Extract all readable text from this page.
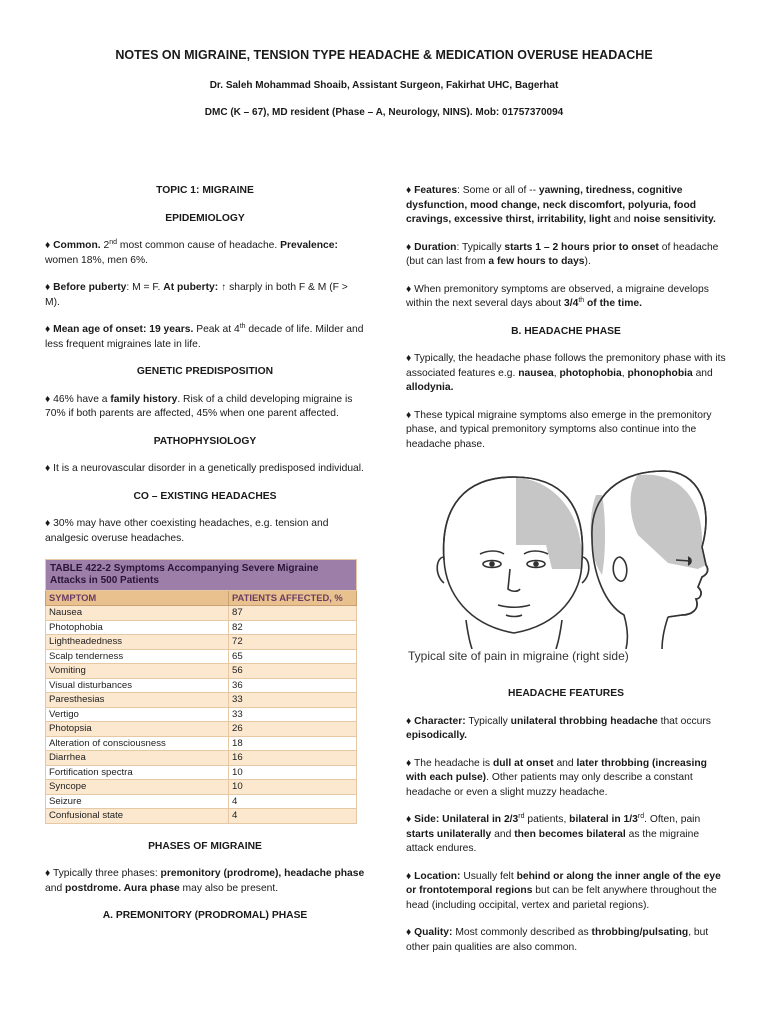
NOTES ON MIGRAINE, TENSION TYPE HEADACHE & MEDICATION OVERUSE HEADACHE
Dr. Saleh Mohammad Shoaib, Assistant Surgeon, Fakirhat UHC, Bagerhat
DMC (K – 67), MD resident (Phase – A, Neurology, NINS). Mob: 01757370094
TOPIC 1: MIGRAINE
EPIDEMIOLOGY
♦ Common. 2nd most common cause of headache. Prevalence: women 18%, men 6%.
♦ Before puberty: M = F. At puberty: ↑ sharply in both F & M (F > M).
♦ Mean age of onset: 19 years. Peak at 4th decade of life. Milder and less frequent migraines late in life.
GENETIC PREDISPOSITION
♦ 46% have a family history. Risk of a child developing migraine is 70% if both parents are affected, 45% when one parent affected.
PATHOPHYSIOLOGY
♦ It is a neurovascular disorder in a genetically predisposed individual.
CO – EXISTING HEADACHES
♦ 30% may have other coexisting headaches, e.g. tension and analgesic overuse headaches.
TABLE 422-2 Symptoms Accompanying Severe Migraine Attacks in 500 Patients	
SYMPTOM	PATIENTS AFFECTED, %
Nausea	87
Photophobia	82
Lightheadedness	72
Scalp tenderness	65
Vomiting	56
Visual disturbances	36
Paresthesias	33
Vertigo	33
Photopsia	26
Alteration of consciousness	18
Diarrhea	16
Fortification spectra	10
Syncope	10
Seizure	4
Confusional state	4
PHASES OF MIGRAINE
♦ Typically three phases: premonitory (prodrome), headache phase and postdrome. Aura phase may also be present.
A. PREMONITORY (PRODROMAL) PHASE
♦ Features: Some or all of -- yawning, tiredness, cognitive dysfunction, mood change, neck discomfort, polyuria, food cravings, excessive thirst, irritability, light and noise sensitivity.
♦ Duration: Typically starts 1 – 2 hours prior to onset of headache (but can last from a few hours to days).
♦ When premonitory symptoms are observed, a migraine develops within the next several days about 3/4th of the time.
B. HEADACHE PHASE
♦ Typically, the headache phase follows the premonitory phase with its associated features e.g. nausea, photophobia, phonophobia and allodynia.
♦ These typical migraine symptoms also emerge in the premonitory phase, and typical premonitory symptoms also continue into the headache phase.
Typical site of pain in migraine (right side)
HEADACHE FEATURES
♦ Character: Typically unilateral throbbing headache that occurs episodically.
♦ The headache is dull at onset and later throbbing (increasing with each pulse). Other patients may only describe a constant headache or even a slight muzzy headache.
♦ Side: Unilateral in 2/3rd patients, bilateral in 1/3rd. Often, pain starts unilaterally and then becomes bilateral as the migraine attack endures.
♦ Location: Usually felt behind or along the inner angle of the eye or frontotemporal regions but can be felt anywhere throughout the head (including occipital, vertex and parietal regions).
♦ Quality: Most commonly described as throbbing/pulsating, but other pain qualities are also common.
